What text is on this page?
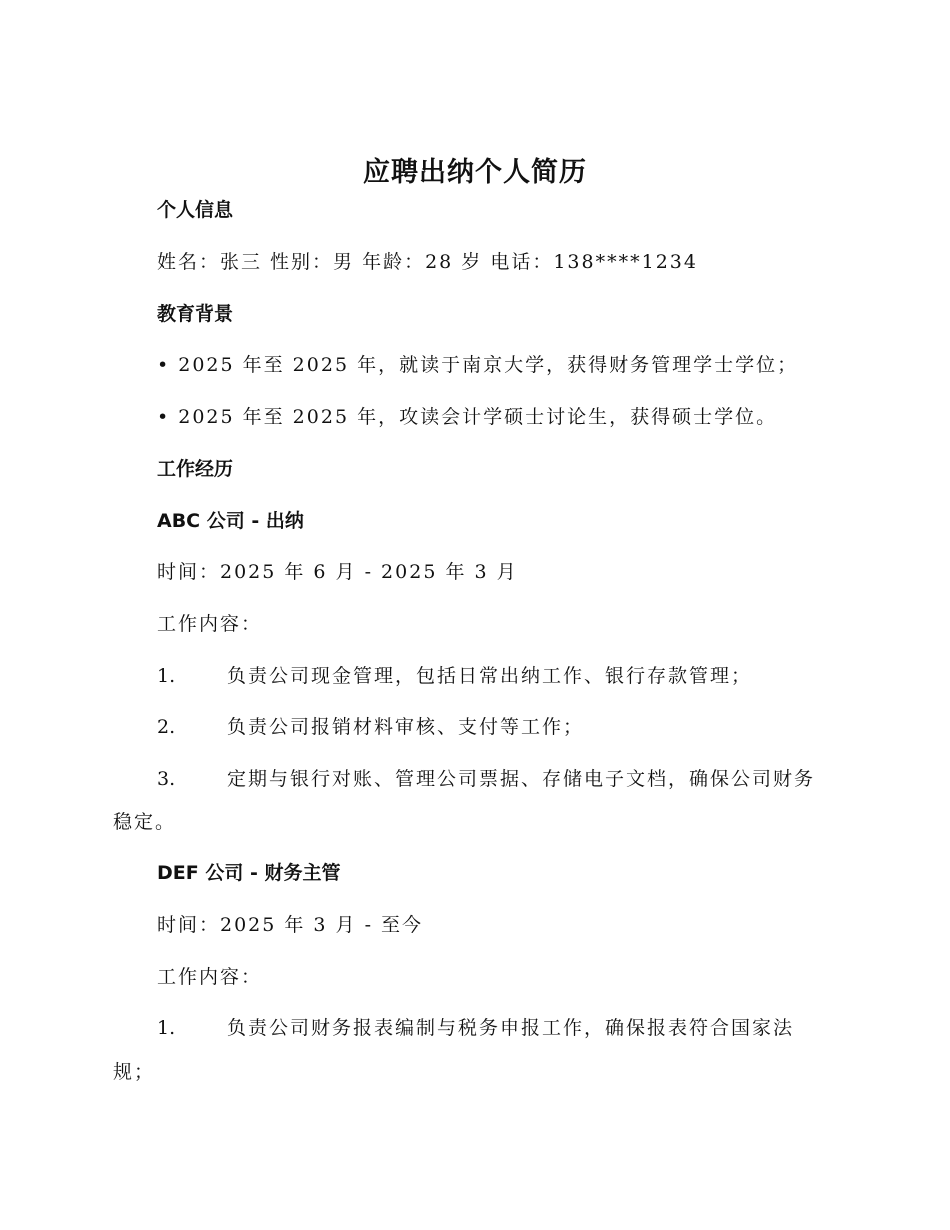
应聘出纳个人简历
个人信息
姓名：张三 性别：男 年龄：28 岁 电话：138****1234
教育背景
• 2025 年至 2025 年，就读于南京大学，获得财务管理学士学位；
• 2025 年至 2025 年，攻读会计学硕士讨论生，获得硕士学位。
工作经历
ABC 公司 - 出纳
时间：2025 年 6 月 - 2025 年 3 月
工作内容：
1.	负责公司现金管理，包括日常出纳工作、银行存款管理；
2.	负责公司报销材料审核、支付等工作；
3.	定期与银行对账、管理公司票据、存储电子文档，确保公司财务
稳定。
DEF 公司 - 财务主管
时间：2025 年 3 月 - 至今
工作内容：
1.	负责公司财务报表编制与税务申报工作，确保报表符合国家法
规；
